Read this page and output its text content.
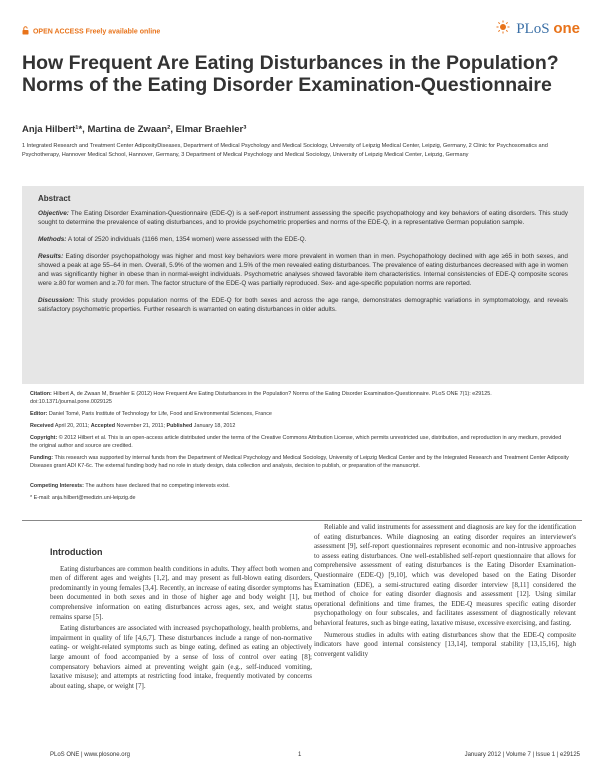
OPEN ACCESS Freely available online	PLoS one
How Frequent Are Eating Disturbances in the Population? Norms of the Eating Disorder Examination-Questionnaire
Anja Hilbert¹*, Martina de Zwaan², Elmar Braehler³
1 Integrated Research and Treatment Center AdiposityDiseases, Department of Medical Psychology and Medical Sociology, University of Leipzig Medical Center, Leipzig, Germany, 2 Clinic for Psychosomatics and Psychotherapy, Hannover Medical School, Hannover, Germany, 3 Department of Medical Psychology and Medical Sociology, University of Leipzig Medical Center, Leipzig, Germany
Abstract

Objective: The Eating Disorder Examination-Questionnaire (EDE-Q) is a self-report instrument assessing the specific psychopathology and key behaviors of eating disorders. This study sought to determine the prevalence of eating disturbances, and to provide psychometric properties and norms of the EDE-Q, in a representative German population sample.

Methods: A total of 2520 individuals (1166 men, 1354 women) were assessed with the EDE-Q.

Results: Eating disorder psychopathology was higher and most key behaviors were more prevalent in women than in men. Psychopathology declined with age ≥65 in both sexes, and showed a peak at age 55–64 in men. Overall, 5.9% of the women and 1.5% of the men revealed eating disturbances. The prevalence of eating disturbances decreased with age in women and was significantly higher in obese than in normal-weight individuals. Psychometric analyses showed favorable item characteristics. Internal consistencies of EDE-Q composite scores were ≥.80 for women and ≥.70 for men. The factor structure of the EDE-Q was partially reproduced. Sex- and age-specific population norms are reported.

Discussion: This study provides population norms of the EDE-Q for both sexes and across the age range, demonstrates demographic variations in symptomatology, and reveals satisfactory psychometric properties. Further research is warranted on eating disturbances in older adults.

Citation: Hilbert A, de Zwaan M, Braehler E (2012) How Frequent Are Eating Disturbances in the Population? Norms of the Eating Disorder Examination-Questionnaire. PLoS ONE 7(1): e29125. doi:10.1371/journal.pone.0029125
Editor: Daniel Tomé, Paris Institute of Technology for Life, Food and Environmental Sciences, France
Received April 20, 2011; Accepted November 21, 2011; Published January 18, 2012
Copyright: © 2012 Hilbert et al. This is an open-access article distributed under the terms of the Creative Commons Attribution License, which permits unrestricted use, distribution, and reproduction in any medium, provided the original author and source are credited.
Funding: This research was supported by internal funds from the Department of Medical Psychology and Medical Sociology, University of Leipzig Medical Center and by the Integrated Research and Treatment Center Adiposity Diseases grant ADI K7-6c. The external funding body had no role in study design, data collection and analysis, decision to publish, or preparation of the manuscript.
Competing Interests: The authors have declared that no competing interests exist.
* E-mail: anja.hilbert@medizin.uni-leipzig.de
Introduction

Eating disturbances are common health conditions in adults. They affect both women and men of different ages and weights [1,2], and may present as full-blown eating disorders, predominantly in young females [3,4]. Recently, an increase of eating disorder symptoms has been documented in both sexes and in those of higher age and body weight [1], but comprehensive information on eating disturbances across ages, sex, and weight status remains sparse [5].

Eating disturbances are associated with increased psychopathology, health problems, and impairment in quality of life [4,6,7]. These disturbances include a range of non-normative eating- or weight-related symptoms such as binge eating, defined as eating an objectively large amount of food accompanied by a sense of loss of control over eating [8]; compensatory behaviors aimed at preventing weight gain (e.g., self-induced vomiting, laxative misuse); and attempts at restricting food intake, frequently motivated by concerns about eating, shape, or weight [7].

Reliable and valid instruments for assessment and diagnosis are key for the identification of eating disturbances. While diagnosing an eating disorder requires an interviewer's assessment [9], self-report questionnaires represent economic and non-intrusive approaches to assess eating disturbances. One well-established self-report questionnaire that allows for comprehensive assessment of eating disturbances is the Eating Disorder Examination-Questionnaire (EDE-Q) [9,10], which was developed based on the Eating Disorder Examination (EDE), a semi-structured eating disorder interview [8,11] considered the method of choice for eating disorder diagnosis and assessment [12]. Using similar operational definitions and time frames, the EDE-Q measures specific eating disorder psychopathology on four subscales, and facilitates assessment of diagnostically relevant behavioral features, such as binge eating, laxative misuse, excessive exercising, and fasting.

Numerous studies in adults with eating disturbances show that the EDE-Q composite indicators have good internal consistency [13,14], temporal stability [13,15,16], high convergent validity

PLoS ONE | www.plosone.org	1	January 2012 | Volume 7 | Issue 1 | e29125
